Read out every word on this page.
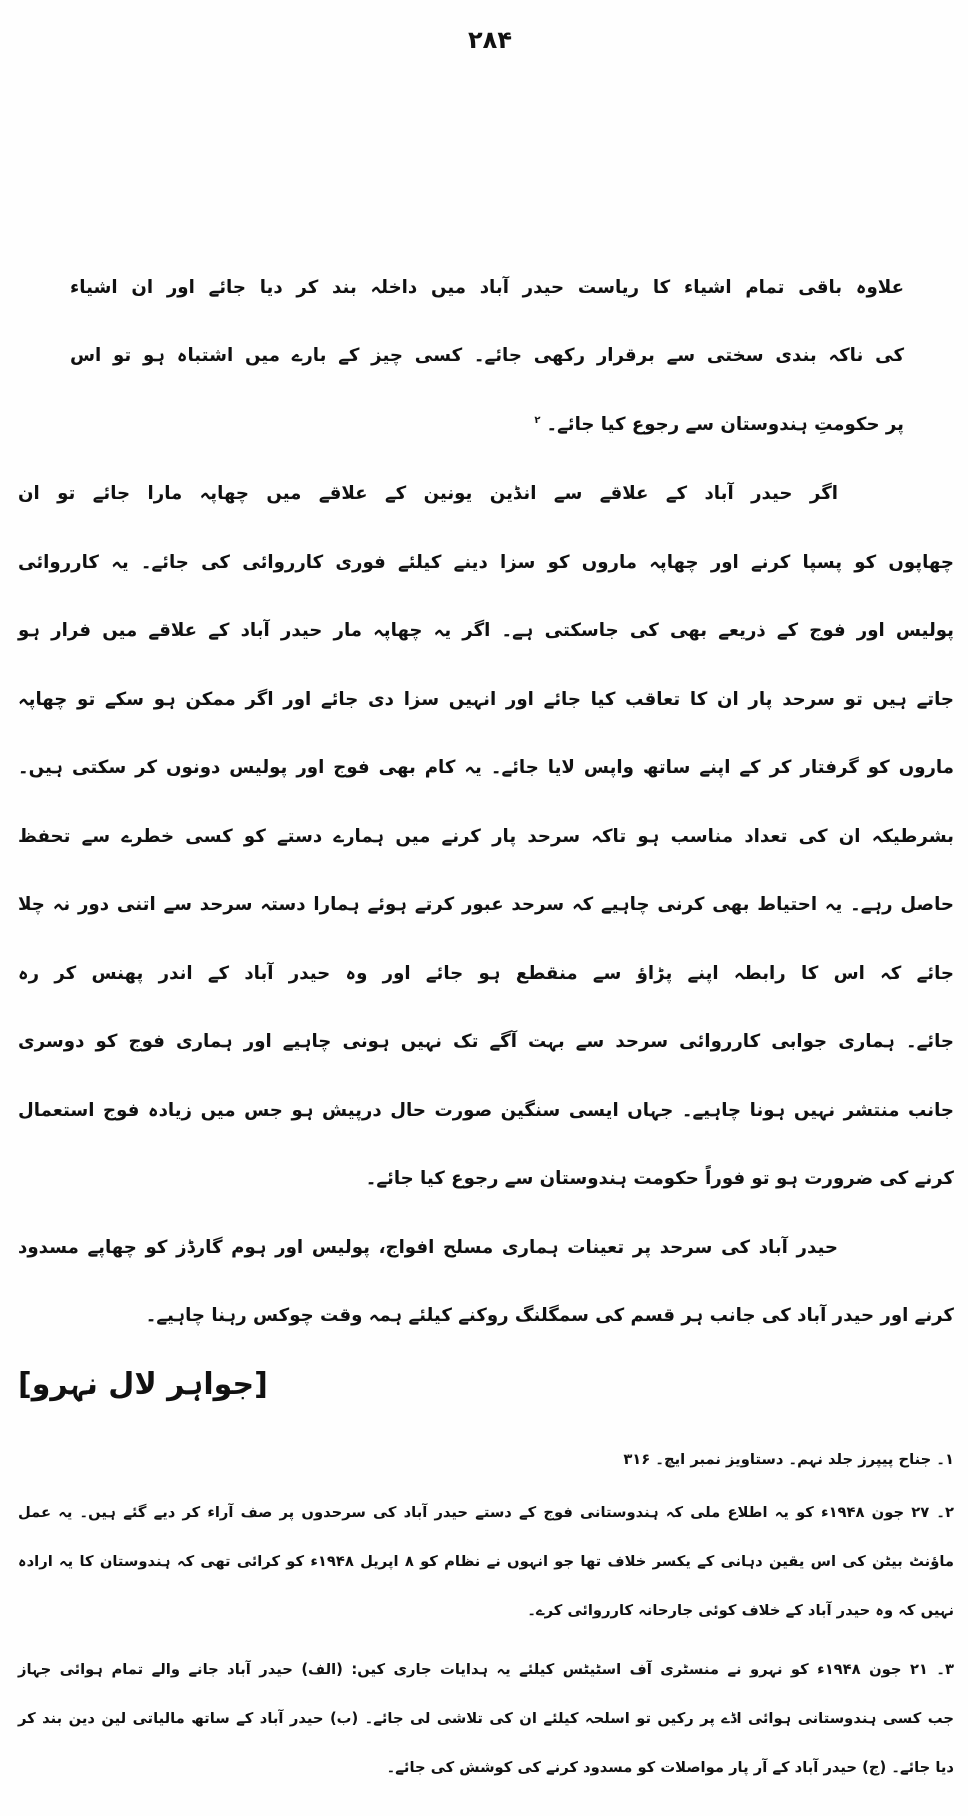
۲۸۴
علاوہ باقی تمام اشیاء کا ریاست حیدر آباد میں داخلہ بند کر دیا جائے اور ان اشیاء
کی ناکہ بندی سختی سے برقرار رکھی جائے۔ کسی چیز کے بارے میں اشتباہ ہو تو اس
پر حکومتِ ہندوستان سے رجوع کیا جائے۔$^۲$
اگر حیدر آباد کے علاقے سے انڈین یونین کے علاقے میں چھاپہ مارا جائے تو ان
چھاپوں کو پسپا کرنے اور چھاپہ ماروں کو سزا دینے کیلئے فوری کارروائی کی جائے۔ یہ کارروائی
پولیس اور فوج کے ذریعے بھی کی جاسکتی ہے۔ اگر یہ چھاپہ مار حیدر آباد کے علاقے میں فرار ہو
جاتے ہیں تو سرحد پار ان کا تعاقب کیا جائے اور انہیں سزا دی جائے اور اگر ممکن ہو سکے تو چھاپہ
ماروں کو گرفتار کر کے اپنے ساتھ واپس لایا جائے۔ یہ کام بھی فوج اور پولیس دونوں کر سکتی ہیں۔
بشرطیکہ ان کی تعداد مناسب ہو تاکہ سرحد پار کرنے میں ہمارے دستے کو کسی خطرے سے تحفظ
حاصل رہے۔ یہ احتیاط بھی کرنی چاہیے کہ سرحد عبور کرتے ہوئے ہمارا دستہ سرحد سے اتنی دور نہ چلا
جائے کہ اس کا رابطہ اپنے پڑاؤ سے منقطع ہو جائے اور وہ حیدر آباد کے اندر پھنس کر رہ
جائے۔ ہماری جوابی کارروائی سرحد سے بہت آگے تک نہیں ہونی چاہیے اور ہماری فوج کو دوسری
جانب منتشر نہیں ہونا چاہیے۔ جہاں ایسی سنگین صورت حال درپیش ہو جس میں زیادہ فوج استعمال
کرنے کی ضرورت ہو تو فوراً حکومت ہندوستان سے رجوع کیا جائے۔
حیدر آباد کی سرحد پر تعینات ہماری مسلح افواج، پولیس اور ہوم گارڈز کو چھاپے مسدود
کرنے اور حیدر آباد کی جانب ہر قسم کی سمگلنگ روکنے کیلئے ہمہ وقت چوکس رہنا چاہیے۔
[جواہر لال نہرو]
۱۔ جناح پیپرز جلد نہم۔ دستاویز نمبر ایچ۔ ۳۱۶
۲۔ ۲۷ جون ۱۹۴۸ء کو یہ اطلاع ملی کہ ہندوستانی فوج کے دستے حیدر آباد کی سرحدوں پر صف آراء کر دیے گئے ہیں۔ یہ عمل
ماؤنٹ بیٹن کی اس یقین دہانی کے یکسر خلاف تھا جو انہوں نے نظام کو ۸ اپریل ۱۹۴۸ء کو کرائی تھی کہ ہندوستان کا یہ ارادہ
نہیں کہ وہ حیدر آباد کے خلاف کوئی جارحانہ کارروائی کرے۔
۳۔ ۲۱ جون ۱۹۴۸ء کو نہرو نے منسٹری آف اسٹیٹس کیلئے یہ ہدایات جاری کیں: (الف) حیدر آباد جانے والے تمام ہوائی جہاز
جب کسی ہندوستانی ہوائی اڈے پر رکیں تو اسلحہ کیلئے ان کی تلاشی لی جائے۔ (ب) حیدر آباد کے ساتھ مالیاتی لین دین بند کر
دیا جائے۔ (ج) حیدر آباد کے آر پار مواصلات کو مسدود کرنے کی کوشش کی جائے۔
